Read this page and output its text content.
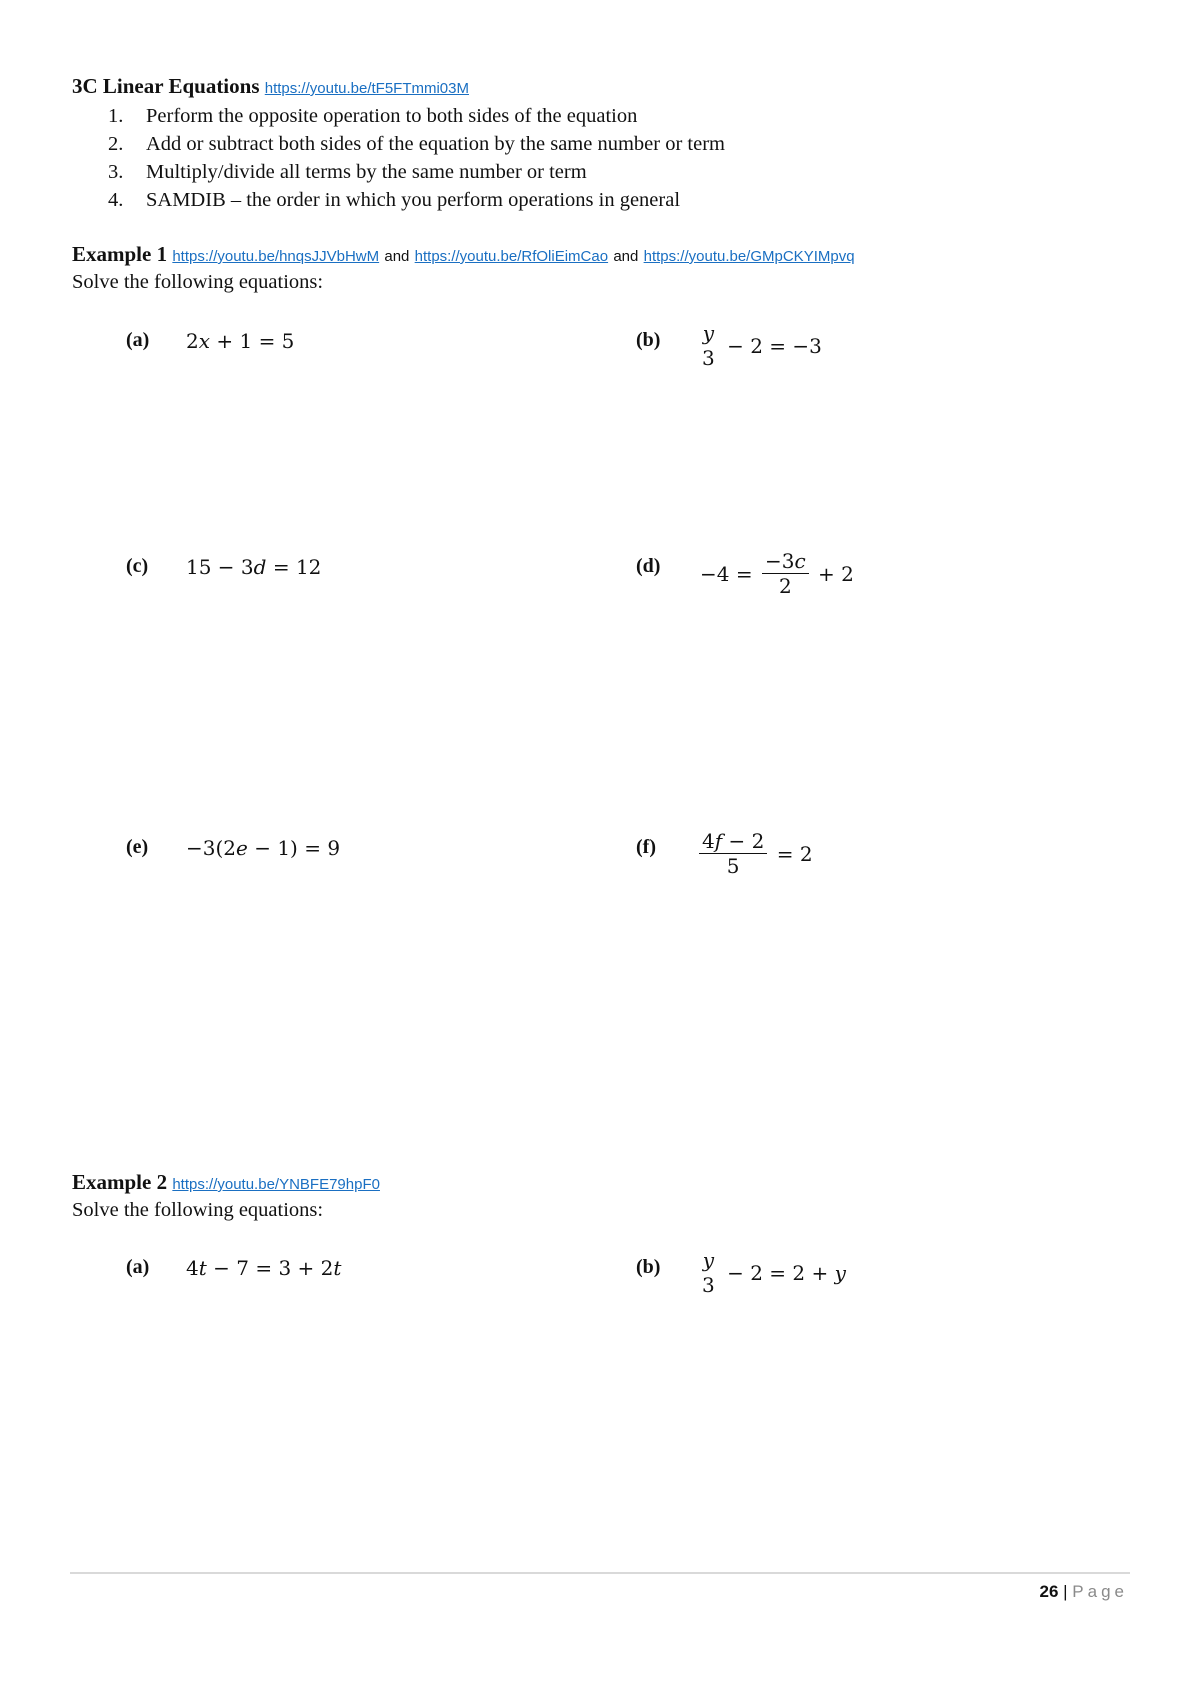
3C Linear Equations https://youtu.be/tF5FTmmi03M
1.	Perform the opposite operation to both sides of the equation
2.	Add or subtract both sides of the equation by the same number or term
3.	Multiply/divide all terms by the same number or term
4.	SAMDIB – the order in which you perform operations in general
Example 1 https://youtu.be/hnqsJJVbHwM and https://youtu.be/RfOliEimCao and https://youtu.be/GMpCKYIMpvq
Solve the following equations:
(a) 2x + 1 = 5	(b) y
3
− 2 = −3
(c) 15 − 3d = 12	$(d) -4 = \frac{-3c}{2} + 2$
(e) −3(2e − 1) = 9	$(f) \frac{4f - 2}{5} = 2$
Example 2 https://youtu.be/YNBFE79hpF0
Solve the following equations:
(a) 4t − 7 = 3 + 2t	(b) y
3
− 2 = 2 + y
26 | Page
